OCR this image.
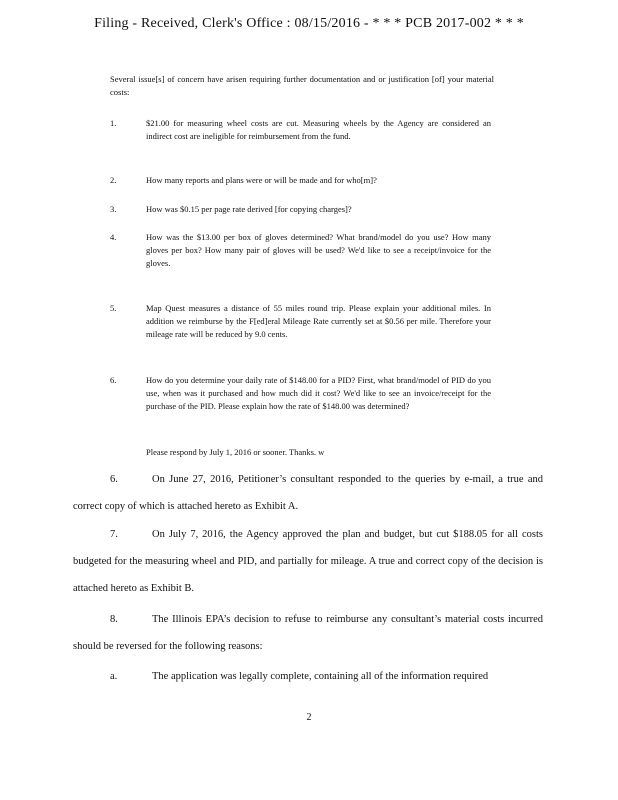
Filing - Received, Clerk's Office : 08/15/2016 - * * * PCB 2017-002 * * *
Several issue[s] of concern have arisen requiring further documentation and or justification [of] your material costs:
1.	$21.00 for measuring wheel costs are cut. Measuring wheels by the Agency are considered an indirect cost are ineligible for reimbursement from the fund.
2.	How many reports and plans were or will be made and for who[m]?
3.	How was $0.15 per page rate derived [for copying charges]?
4.	How was the $13.00 per box of gloves determined? What brand/model do you use? How many gloves per box? How many pair of gloves will be used? We'd like to see a receipt/invoice for the gloves.
5.	Map Quest measures a distance of 55 miles round trip. Please explain your additional miles. In addition we reimburse by the F[ed]eral Mileage Rate currently set at $0.56 per mile. Therefore your mileage rate will be reduced by 9.0 cents.
6.	How do you determine your daily rate of $148.00 for a PID? First, what brand/model of PID do you use, when was it purchased and how much did it cost? We'd like to see an invoice/receipt for the purchase of the PID. Please explain how the rate of $148.00 was determined?
Please respond by July 1, 2016 or sooner. Thanks. w
6.	On June 27, 2016, Petitioner’s consultant responded to the queries by e-mail, a true and correct copy of which is attached hereto as Exhibit A.
7.	On July 7, 2016, the Agency approved the plan and budget, but cut $188.05 for all costs budgeted for the measuring wheel and PID, and partially for mileage. A true and correct copy of the decision is attached hereto as Exhibit B.
8.	The Illinois EPA’s decision to refuse to reimburse any consultant’s material costs incurred should be reversed for the following reasons:
a.	The application was legally complete, containing all of the information required
2
